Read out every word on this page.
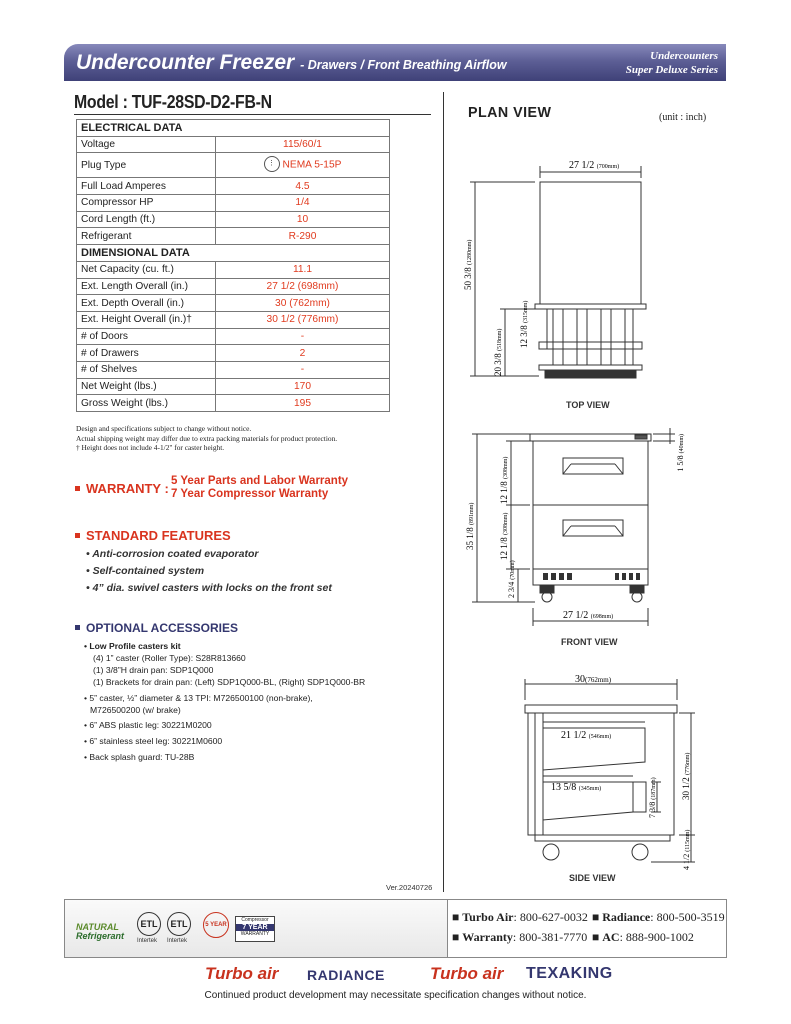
Undercounter Freezer - Drawers / Front Breathing Airflow
Undercounters
Super Deluxe Series
Model : TUF-28SD-D2-FB-N
ELECTRICAL DATA	
Voltage	115/60/1
Plug Type	⋮ NEMA 5-15P
Full Load Amperes	4.5
Compressor HP	1/4
Cord Length (ft.)	10
Refrigerant	R-290
DIMENSIONAL DATA	
Net Capacity (cu. ft.)	11.1
Ext. Length Overall (in.)	27 1/2 (698mm)
Ext. Depth Overall (in.)	30 (762mm)
Ext. Height Overall (in.)†	30 1/2 (776mm)
# of Doors	-
# of Drawers	2
# of Shelves	-
Net Weight (lbs.)	170
Gross Weight (lbs.)	195
Design and specifications subject to change without notice.
Actual shipping weight may differ due to extra packing materials for product protection.
† Height does not include 4-1/2" for caster height.
WARRANTY : 5 Year Parts and Labor Warranty
7 Year Compressor Warranty
STANDARD FEATURES
• Anti-corrosion coated evaporator
• Self-contained system
• 4” dia. swivel casters with locks on the front set
OPTIONAL ACCESSORIES
• Low Profile casters kit
(4) 1” caster (Roller Type): S28R813660
(1) 3/8”H drain pan: SDP1Q000
(1) Brackets for drain pan: (Left) SDP1Q000-BL, (Right) SDP1Q000-BR
• 5” caster, ½” diameter & 13 TPI: M726500100 (non-brake),
M726500200 (w/ brake)
• 6” ABS plastic leg: 30221M0200
• 6” stainless steel leg: 30221M0600
• Back splash guard: TU-28B
Ver.20240726
PLAN VIEW	(unit : inch)
27 1/2 (700mm)
50 3/8 (1280mm)
20 3/8 (518mm) 12 3/8 (315mm)
TOP VIEW
1 5/8 (40mm)
12 1/8 (308mm)
12 1/8 (308mm)
35 1/8 (891mm)
2 3/4 (70mm)
27 1/2 (698mm)
FRONT VIEW
30(762mm)
21 1/2 (546mm)
13 5/8 (345mm)
7 3/8 (187mm)	30 1/2 (776mm)
4 1/2 (115mm)
SIDE VIEW
NATURAL
Refrigerant
ETL
Intertek
ETL
Intertek
5 YEAR
Compressor
7 YEAR
WARRANTY
■ Turbo Air: 800-627-0032 ■ Radiance: 800-500-3519
■ Warranty: 800-381-7770 ■ AC: 888-900-1002
Turbo air RADIANCE	Turbo air TEXAKING
Continued product development may necessitate specification changes without notice.
